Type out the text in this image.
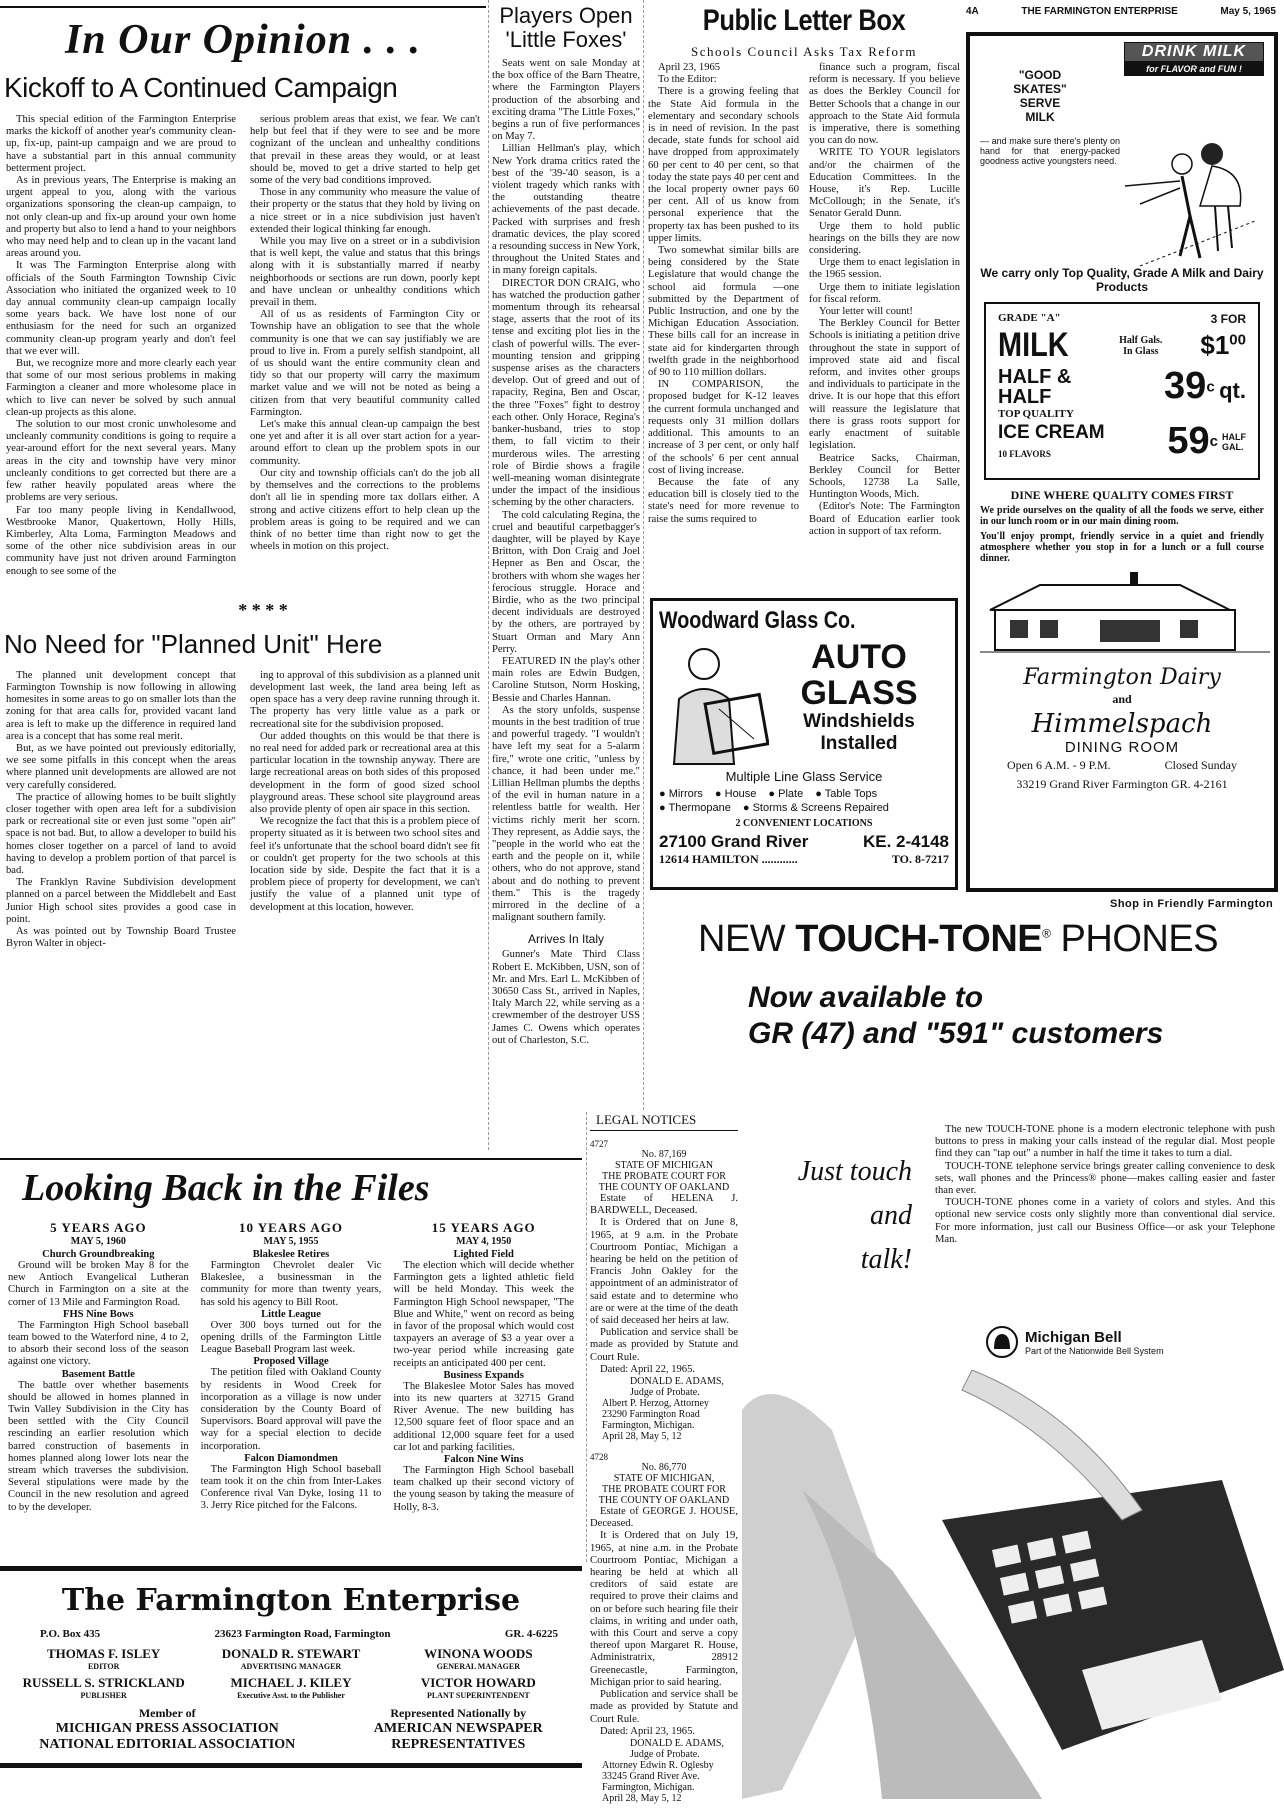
In Our Opinion . . .
Kickoff to A Continued Campaign

This special edition of the Farmington Enterprise marks the kickoff of another year's community clean-up, fix-up, paint-up campaign and we are proud to have a substantial part in this annual community betterment project.

As in previous years, The Enterprise is making an urgent appeal to you, along with the various organizations sponsoring the clean-up campaign, to not only clean-up and fix-up around your own home and property but also to lend a hand to your neighbors who may need help and to clean up in the vacant land areas around you.

It was The Farmington Enterprise along with officials of the South Farmington Township Civic Association who initiated the organized week to 10 day annual community clean-up campaign locally some years back. We have lost none of our enthusiasm for the need for such an organized community clean-up program yearly and don't feel that we ever will.

But, we recognize more and more clearly each year that some of our most serious problems in making Farmington a cleaner and more wholesome place in which to live can never be solved by such annual clean-up projects as this alone.

The solution to our most cronic unwholesome and uncleanly community conditions is going to require a year-around effort for the next several years. Many areas in the city and township have very minor uncleanly conditions to get corrected but there are a few rather heavily populated areas where the problems are very serious.

Far too many people living in Kendallwood, Westbrooke Manor, Quakertown, Holly Hills, Kimberley, Alta Loma, Farmington Meadows and some of the other nice subdivision areas in our community have just not driven around Farmington enough to see some of the

serious problem areas that exist, we fear. We can't help but feel that if they were to see and be more cognizant of the unclean and unhealthy conditions that prevail in these areas they would, or at least should be, moved to get a drive started to help get some of the very bad conditions improved.

Those in any community who measure the value of their property or the status that they hold by living on a nice street or in a nice subdivision just haven't extended their logical thinking far enough.

While you may live on a street or in a subdivision that is well kept, the value and status that this brings along with it is substantially marred if nearby neighborhoods or sections are run down, poorly kept and have unclean or unhealthy conditions which prevail in them.

All of us as residents of Farmington City or Township have an obligation to see that the whole community is one that we can say justifiably we are proud to live in. From a purely selfish standpoint, all of us should want the entire community clean and tidy so that our property will carry the maximum market value and we will not be noted as being a citizen from that very beautiful community called Farmington.

Let's make this annual clean-up campaign the best one yet and after it is all over start action for a year-around effort to clean up the problem spots in our community.

Our city and township officials can't do the job all by themselves and the corrections to the problems don't all lie in spending more tax dollars either. A strong and active citizens effort to help clean up the problem areas is going to be required and we can think of no better time than right now to get the wheels in motion on this project.

* * * *
No Need for "Planned Unit" Here

The planned unit development concept that Farmington Township is now following in allowing homesites in some areas to go on smaller lots than the zoning for that area calls for, provided vacant land area is left to make up the difference in required land area is a concept that has some real merit.

But, as we have pointed out previously editorially, we see some pitfalls in this concept when the areas where planned unit developments are allowed are not very carefully considered.

The practice of allowing homes to be built slightly closer together with open area left for a subdivision park or recreational site or even just some "open air" space is not bad. But, to allow a developer to build his homes closer together on a parcel of land to avoid having to develop a problem portion of that parcel is bad.

The Franklyn Ravine Subdivision development planned on a parcel between the Middlebelt and East Junior High school sites provides a good case in point.

As was pointed out by Township Board Trustee Byron Walter in object-

ing to approval of this subdivision as a planned unit development last week, the land area being left as open space has a very deep ravine running through it. The property has very little value as a park or recreational site for the subdivision proposed.

Our added thoughts on this would be that there is no real need for added park or recreational area at this particular location in the township anyway. There are large recreational areas on both sides of this proposed development in the form of good sized school playground areas. These school site playground areas also provide plenty of open air space in this section.

We recognize the fact that this is a problem piece of property situated as it is between two school sites and feel it's unfortunate that the school board didn't see fit or couldn't get property for the two schools at this location side by side. Despite the fact that it is a problem piece of property for development, we can't justify the value of a planned unit type of development at this location, however.

Looking Back in the Files
5 YEARS AGO
MAY 5, 1960
Church Groundbreaking

Ground will be broken May 8 for the new Antioch Evangelical Lutheran Church in Farmington on a site at the corner of 13 Mile and Farmington Road.

FHS Nine Bows

The Farmington High School baseball team bowed to the Waterford nine, 4 to 2, to absorb their second loss of the season against one victory.

Basement Battle

The battle over whether basements should be allowed in homes planned in Twin Valley Subdivision in the City has been settled with the City Council rescinding an earlier resolution which barred construction of basements in homes planned along lower lots near the stream which traverses the subdivision. Several stipulations were made by the Council in the new resolution and agreed to by the developer.

10 YEARS AGO
MAY 5, 1955
Blakeslee Retires

Farmington Chevrolet dealer Vic Blakeslee, a businessman in the community for more than twenty years, has sold his agency to Bill Root.

Little League

Over 300 boys turned out for the opening drills of the Farmington Little League Baseball Program last week.

Proposed Village

The petition filed with Oakland County by residents in Wood Creek for incorporation as a village is now under consideration by the County Board of Supervisors. Board approval will pave the way for a special election to decide incorporation.

Falcon Diamondmen

The Farmington High School baseball team took it on the chin from Inter-Lakes Conference rival Van Dyke, losing 11 to 3. Jerry Rice pitched for the Falcons.

15 YEARS AGO
MAY 4, 1950
Lighted Field

The election which will decide whether Farmington gets a lighted athletic field will be held Monday. This week the Farmington High School newspaper, "The Blue and White," went on record as being in favor of the proposal which would cost taxpayers an average of $3 a year over a two-year period while increasing gate receipts an anticipated 400 per cent.

Business Expands

The Blakeslee Motor Sales has moved into its new quarters at 32715 Grand River Avenue. The new building has 12,500 square feet of floor space and an additional 12,000 square feet for a used car lot and parking facilities.

Falcon Nine Wins

The Farmington High School baseball team chalked up their second victory of the young season by taking the measure of Holly, 8-3.

The Farmington Enterprise
P.O. Box 435	23623 Farmington Road, Farmington	GR. 4-6225
THOMAS F. ISLEY
EDITOR
DONALD R. STEWART
ADVERTISING MANAGER
WINONA WOODS
GENERAL MANAGER
RUSSELL S. STRICKLAND
PUBLISHER
MICHAEL J. KILEY
Executive Asst. to the Publisher
VICTOR HOWARD
PLANT SUPERINTENDENT
Member of
MICHIGAN PRESS ASSOCIATION
NATIONAL EDITORIAL ASSOCIATION
Represented Nationally by
AMERICAN NEWSPAPER
REPRESENTATIVES
Players Open
'Little Foxes'

Seats went on sale Monday at the box office of the Barn Theatre, where the Farmington Players production of the absorbing and exciting drama "The Little Foxes," begins a run of five performances on May 7.

Lillian Hellman's play, which New York drama critics rated the best of the '39-'40 season, is a violent tragedy which ranks with the outstanding theatre achievements of the past decade. Packed with surprises and fresh dramatic devices, the play scored a resounding success in New York, throughout the United States and in many foreign capitals.

DIRECTOR DON CRAIG, who has watched the production gather momentum through its rehearsal stage, asserts that the root of its tense and exciting plot lies in the clash of powerful wills. The ever-mounting tension and gripping suspense arises as the characters develop. Out of greed and out of rapacity, Regina, Ben and Oscar, the three "Foxes" fight to destroy each other. Only Horace, Regina's banker-husband, tries to stop them, to fall victim to their murderous wiles. The arresting role of Birdie shows a fragile well-meaning woman disintegrate under the impact of the insidious scheming by the other characters.

The cold calculating Regina, the cruel and beautiful carpetbagger's daughter, will be played by Kaye Britton, with Don Craig and Joel Hepner as Ben and Oscar, the brothers with whom she wages her ferocious struggle. Horace and Birdie, who as the two principal decent individuals are destroyed by the others, are portrayed by Stuart Orman and Mary Ann Perry.

FEATURED IN the play's other main roles are Edwin Budgen, Caroline Stutson, Norm Hosking, Bessie and Charles Hannan.

As the story unfolds, suspense mounts in the best tradition of true and powerful tragedy. "I wouldn't have left my seat for a 5-alarm fire," wrote one critic, "unless by chance, it had been under me." Lillian Hellman plumbs the depths of the evil in human nature in a relentless battle for wealth. Her victims richly merit her scorn. They represent, as Addie says, the "people in the world who eat the earth and the people on it, while others, who do not approve, stand about and do nothing to prevent them." This is the tragedy mirrored in the decline of a malignant southern family.

Arrives In Italy

Gunner's Mate Third Class Robert E. McKibben, USN, son of Mr. and Mrs. Earl L. McKibben of 30650 Cass St., arrived in Naples, Italy March 22, while serving as a crewmember of the destroyer USS James C. Owens which operates out of Charleston, S.C.

LEGAL NOTICES
4727
No. 87,169
STATE OF MICHIGAN
THE PROBATE COURT FOR
THE COUNTY OF OAKLAND

Estate of HELENA J. BARDWELL, Deceased.

It is Ordered that on June 8, 1965, at 9 a.m. in the Probate Courtroom Pontiac, Michigan a hearing be held on the petition of Francis John Oakley for the appointment of an administrator of said estate and to determine who are or were at the time of the death of said deceased her heirs at law.

Publication and service shall be made as provided by Statute and Court Rule.

Dated: April 22, 1965.

DONALD E. ADAMS,
Judge of Probate.
Albert P. Herzog, Attorney
23290 Farmington Road
Farmington, Michigan.
April 28, May 5, 12
4728
No. 86,770
STATE OF MICHIGAN,
THE PROBATE COURT FOR
THE COUNTY OF OAKLAND

Estate of GEORGE J. HOUSE, Deceased.

It is Ordered that on July 19, 1965, at nine a.m. in the Probate Courtroom Pontiac, Michigan a hearing be held at which all creditors of said estate are required to prove their claims and on or before such hearing file their claims, in writing and under oath, with this Court and serve a copy thereof upon Margaret R. House, Administratrix, 28912 Greenecastle, Farmington, Michigan prior to said hearing.

Publication and service shall be made as provided by Statute and Court Rule.

Dated: April 23, 1965.

DONALD E. ADAMS,
Judge of Probate.
Attorney Edwin R. Oglesby
33245 Grand River Ave.
Farmington, Michigan.
April 28, May 5, 12
Public Letter Box
Schools Council Asks Tax Reform

April 23, 1965

To the Editor:

There is a growing feeling that the State Aid formula in the elementary and secondary schools is in need of revision. In the past decade, state funds for school aid have dropped from approximately 60 per cent to 40 per cent, so that today the state pays 40 per cent and the local property owner pays 60 per cent. All of us know from personal experience that the property tax has been pushed to its upper limits.

Two somewhat similar bills are being considered by the State Legislature that would change the school aid formula —one submitted by the Department of Public Instruction, and one by the Michigan Education Association. These bills call for an increase in state aid for kindergarten through twelfth grade in the neighborhood of 90 to 110 million dollars.

IN COMPARISON, the proposed budget for K-12 leaves the current formula unchanged and requests only 31 million dollars additional. This amounts to an increase of 3 per cent, or only half of the schools' 6 per cent annual cost of living increase.

Because the fate of any education bill is closely tied to the state's need for more revenue to raise the sums required to

finance such a program, fiscal reform is necessary. If you believe as does the Berkley Council for Better Schools that a change in our approach to the State Aid formula is imperative, there is something you can do now.

WRITE TO YOUR legislators and/or the chairmen of the Education Committees. In the House, it's Rep. Lucille McCollough; in the Senate, it's Senator Gerald Dunn.

Urge them to hold public hearings on the bills they are now considering.

Urge them to enact legislation in the 1965 session.

Urge them to initiate legislation for fiscal reform.

Your letter will count!

The Berkley Council for Better Schools is initiating a petition drive throughout the state in support of improved state aid and fiscal reform, and invites other groups and individuals to participate in the drive. It is our hope that this effort will reassure the legislature that there is grass roots support for early enactment of suitable legislation.

Beatrice Sacks, Chairman, Berkley Council for Better Schools, 12738 La Salle, Huntington Woods, Mich.

(Editor's Note: The Farmington Board of Education earlier took action in support of tax reform.

Woodward Glass Co.
AUTO
GLASS
Windshields
Installed
Multiple Line Glass Service
● Mirrors ● House ● Plate ● Table Tops
● Thermopane ● Storms & Screens Repaired
2 CONVENIENT LOCATIONS
27100 Grand River	KE. 2-4148
12614 HAMILTON ............	TO. 8-7217
4A	THE FARMINGTON ENTERPRISE	May 5, 1965
DRINK MILK
for FLAVOR and FUN !
"GOOD
SKATES"
SERVE
MILK
— and make sure there's plenty on hand for that energy-packed goodness active youngsters need.
We carry only Top Quality, Grade A Milk and Dairy Products
GRADE "A"	3 FOR
MILK	Half Gals.
In Glass $\$1^{00}$
HALF &
HALF	39$^c$ qt.
TOP QUALITY
ICE CREAM
10 FLAVORS	59 c HALF
GAL.
DINE WHERE QUALITY COMES FIRST

We pride ourselves on the quality of all the foods we serve, either in our lunch room or in our main dining room.

You'll enjoy prompt, friendly service in a quiet and friendly atmosphere whether you stop in for a lunch or a full course dinner.

Farmington Dairy
and
Himmelspach
DINING ROOM
Open 6 A.M. - 9 P.M.	Closed Sunday
33219 Grand River Farmington GR. 4-2161
Shop in Friendly Farmington
NEW TOUCH-TONE® PHONES
Now available to
GR (47) and "591" customers
Just touch
and
talk!

The new TOUCH-TONE phone is a modern electronic telephone with push buttons to press in making your calls instead of the regular dial. Most people find they can "tap out" a number in half the time it takes to turn a dial.

TOUCH-TONE telephone service brings greater calling convenience to desk sets, wall phones and the Princess® phone—makes calling easier and faster than ever.

TOUCH-TONE phones come in a variety of colors and styles. And this optional new service costs only slightly more than conventional dial service. For more information, just call our Business Office—or ask your Telephone Man.

Michigan Bell
Part of the Nationwide Bell System
